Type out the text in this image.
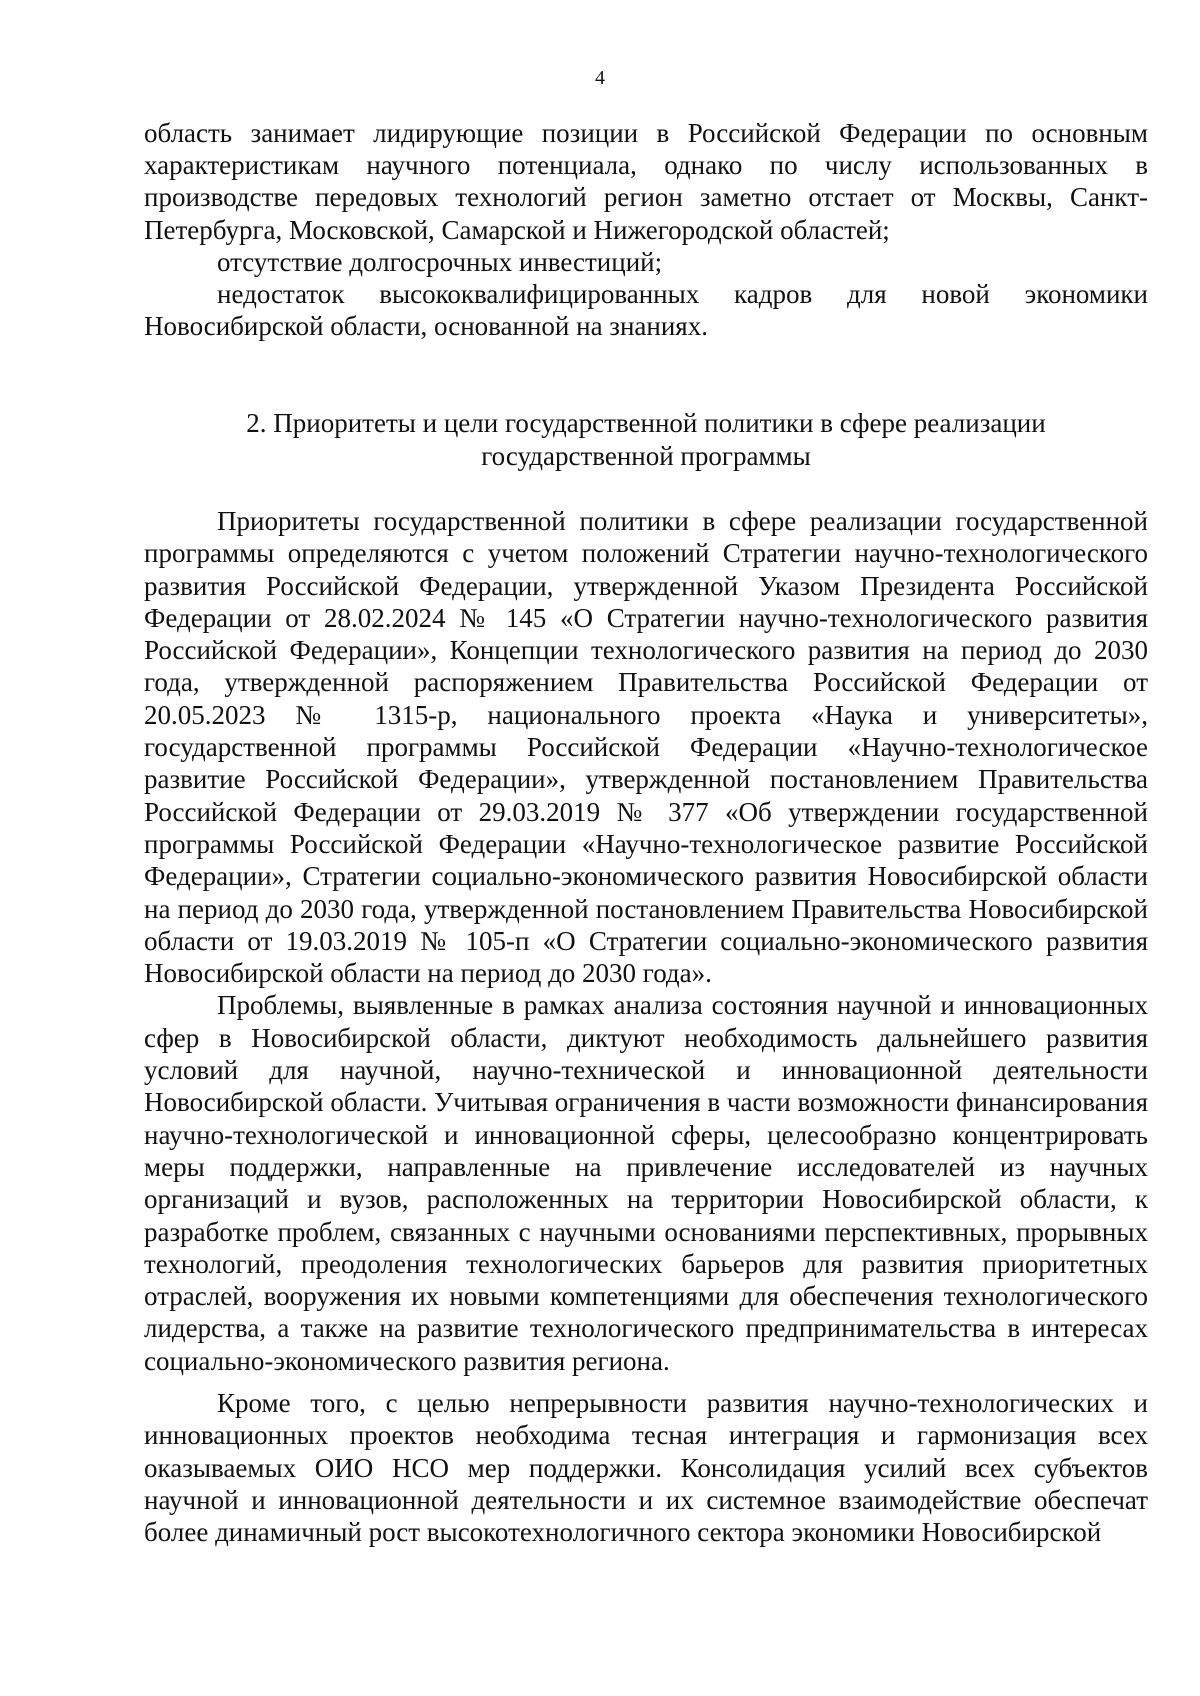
4

область занимает лидирующие позиции в Российской Федерации по основным характеристикам научного потенциала, однако по числу использованных в производстве передовых технологий регион заметно отстает от Москвы, Санкт-Петербурга, Московской, Самарской и Нижегородской областей;

отсутствие долгосрочных инвестиций;

недостаток высококвалифицированных кадров для новой экономики Новосибирской области, основанной на знаниях.

2. Приоритеты и цели государственной политики в сфере реализации
государственной программы

Приоритеты государственной политики в сфере реализации государственной программы определяются с учетом положений Стратегии научно-технологического развития Российской Федерации, утвержденной Указом Президента Российской Федерации от 28.02.2024 № 145 «О Стратегии научно-технологического развития Российской Федерации», Концепции технологического развития на период до 2030 года, утвержденной распоряжением Правительства Российской Федерации от 20.05.2023 № 1315-р, национального проекта «Наука и университеты», государственной программы Российской Федерации «Научно-технологическое развитие Российской Федерации», утвержденной постановлением Правительства Российской Федерации от 29.03.2019 № 377 «Об утверждении государственной программы Российской Федерации «Научно-технологическое развитие Российской Федерации», Стратегии социально-экономического развития Новосибирской области на период до 2030 года, утвержденной постановлением Правительства Новосибирской области от 19.03.2019 № 105-п «О Стратегии социально-экономического развития Новосибирской области на период до 2030 года».

Проблемы, выявленные в рамках анализа состояния научной и инновационных сфер в Новосибирской области, диктуют необходимость дальнейшего развития условий для научной, научно-технической и инновационной деятельности Новосибирской области. Учитывая ограничения в части возможности финансирования научно-технологической и инновационной сферы, целесообразно концентрировать меры поддержки, направленные на привлечение исследователей из научных организаций и вузов, расположенных на территории Новосибирской области, к разработке проблем, связанных с научными основаниями перспективных, прорывных технологий, преодоления технологических барьеров для развития приоритетных отраслей, вооружения их новыми компетенциями для обеспечения технологического лидерства, а также на развитие технологического предпринимательства в интересах социально-экономического развития региона.

Кроме того, с целью непрерывности развития научно-технологических и инновационных проектов необходима тесная интеграция и гармонизация всех оказываемых ОИО НСО мер поддержки. Консолидация усилий всех субъектов научной и инновационной деятельности и их системное взаимодействие обеспечат более динамичный рост высокотехнологичного сектора экономики Новосибирской
